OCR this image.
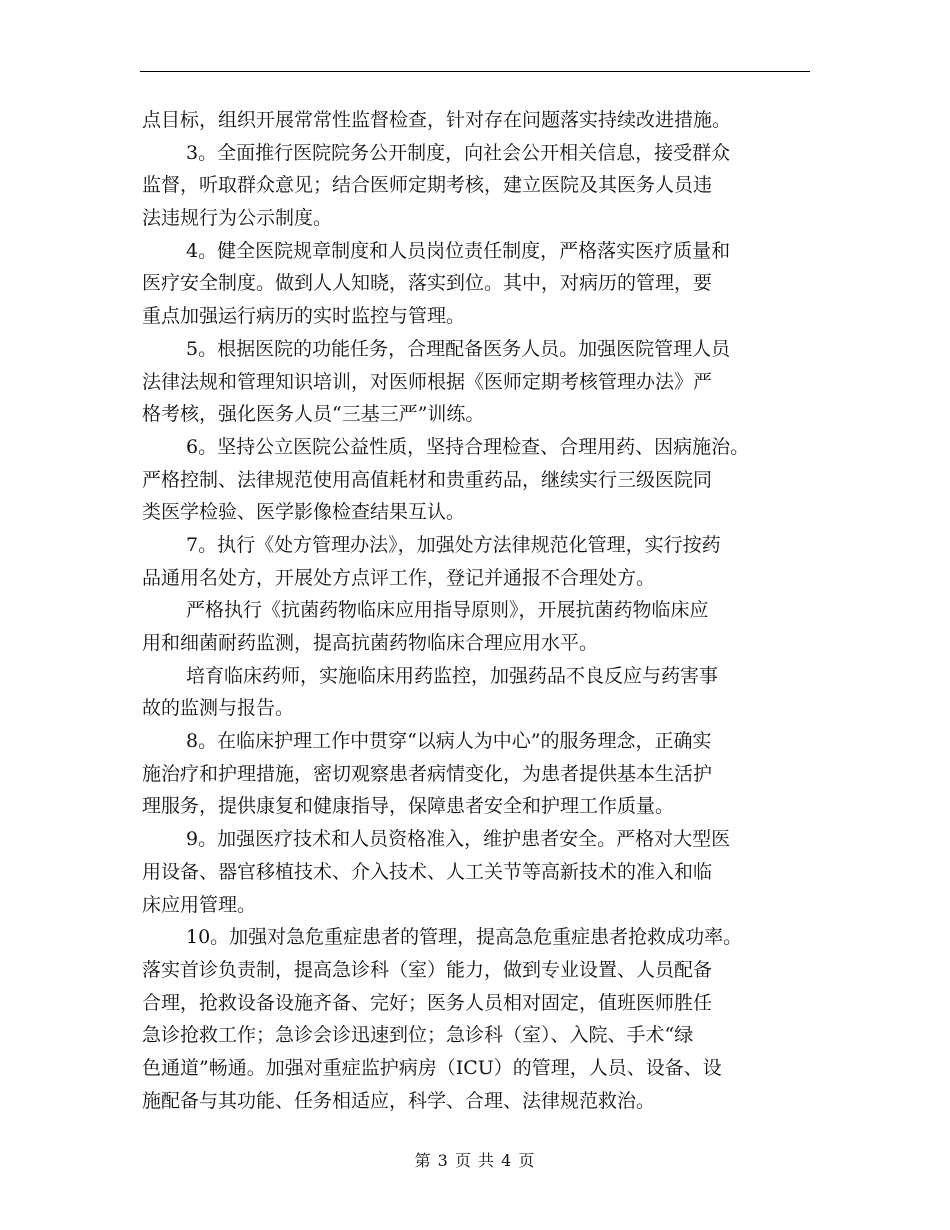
点目标，组织开展常常性监督检查，针对存在问题落实持续改进措施。
3。全面推行医院院务公开制度，向社会公开相关信息，接受群众
监督，听取群众意见；结合医师定期考核，建立医院及其医务人员违
法违规行为公示制度。
4。健全医院规章制度和人员岗位责任制度，严格落实医疗质量和
医疗安全制度。做到人人知晓，落实到位。其中，对病历的管理，要
重点加强运行病历的实时监控与管理。
5。根据医院的功能任务，合理配备医务人员。加强医院管理人员
法律法规和管理知识培训，对医师根据《医师定期考核管理办法》严
格考核，强化医务人员“三基三严”训练。
6。坚持公立医院公益性质，坚持合理检查、合理用药、因病施治。
严格控制、法律规范使用高值耗材和贵重药品，继续实行三级医院同
类医学检验、医学影像检查结果互认。
7。执行《处方管理办法》，加强处方法律规范化管理，实行按药
品通用名处方，开展处方点评工作，登记并通报不合理处方。
严格执行《抗菌药物临床应用指导原则》，开展抗菌药物临床应
用和细菌耐药监测，提高抗菌药物临床合理应用水平。
培育临床药师，实施临床用药监控，加强药品不良反应与药害事
故的监测与报告。
8。在临床护理工作中贯穿“以病人为中心”的服务理念，正确实
施治疗和护理措施，密切观察患者病情变化，为患者提供基本生活护
理服务，提供康复和健康指导，保障患者安全和护理工作质量。
9。加强医疗技术和人员资格准入，维护患者安全。严格对大型医
用设备、器官移植技术、介入技术、人工关节等高新技术的准入和临
床应用管理。
10。加强对急危重症患者的管理，提高急危重症患者抢救成功率。
落实首诊负责制，提高急诊科（室）能力，做到专业设置、人员配备
合理，抢救设备设施齐备、完好；医务人员相对固定，值班医师胜任
急诊抢救工作；急诊会诊迅速到位；急诊科（室）、入院、手术“绿
色通道”畅通。加强对重症监护病房（ICU）的管理，人员、设备、设
施配备与其功能、任务相适应，科学、合理、法律规范救治。
第 3 页 共 4 页
